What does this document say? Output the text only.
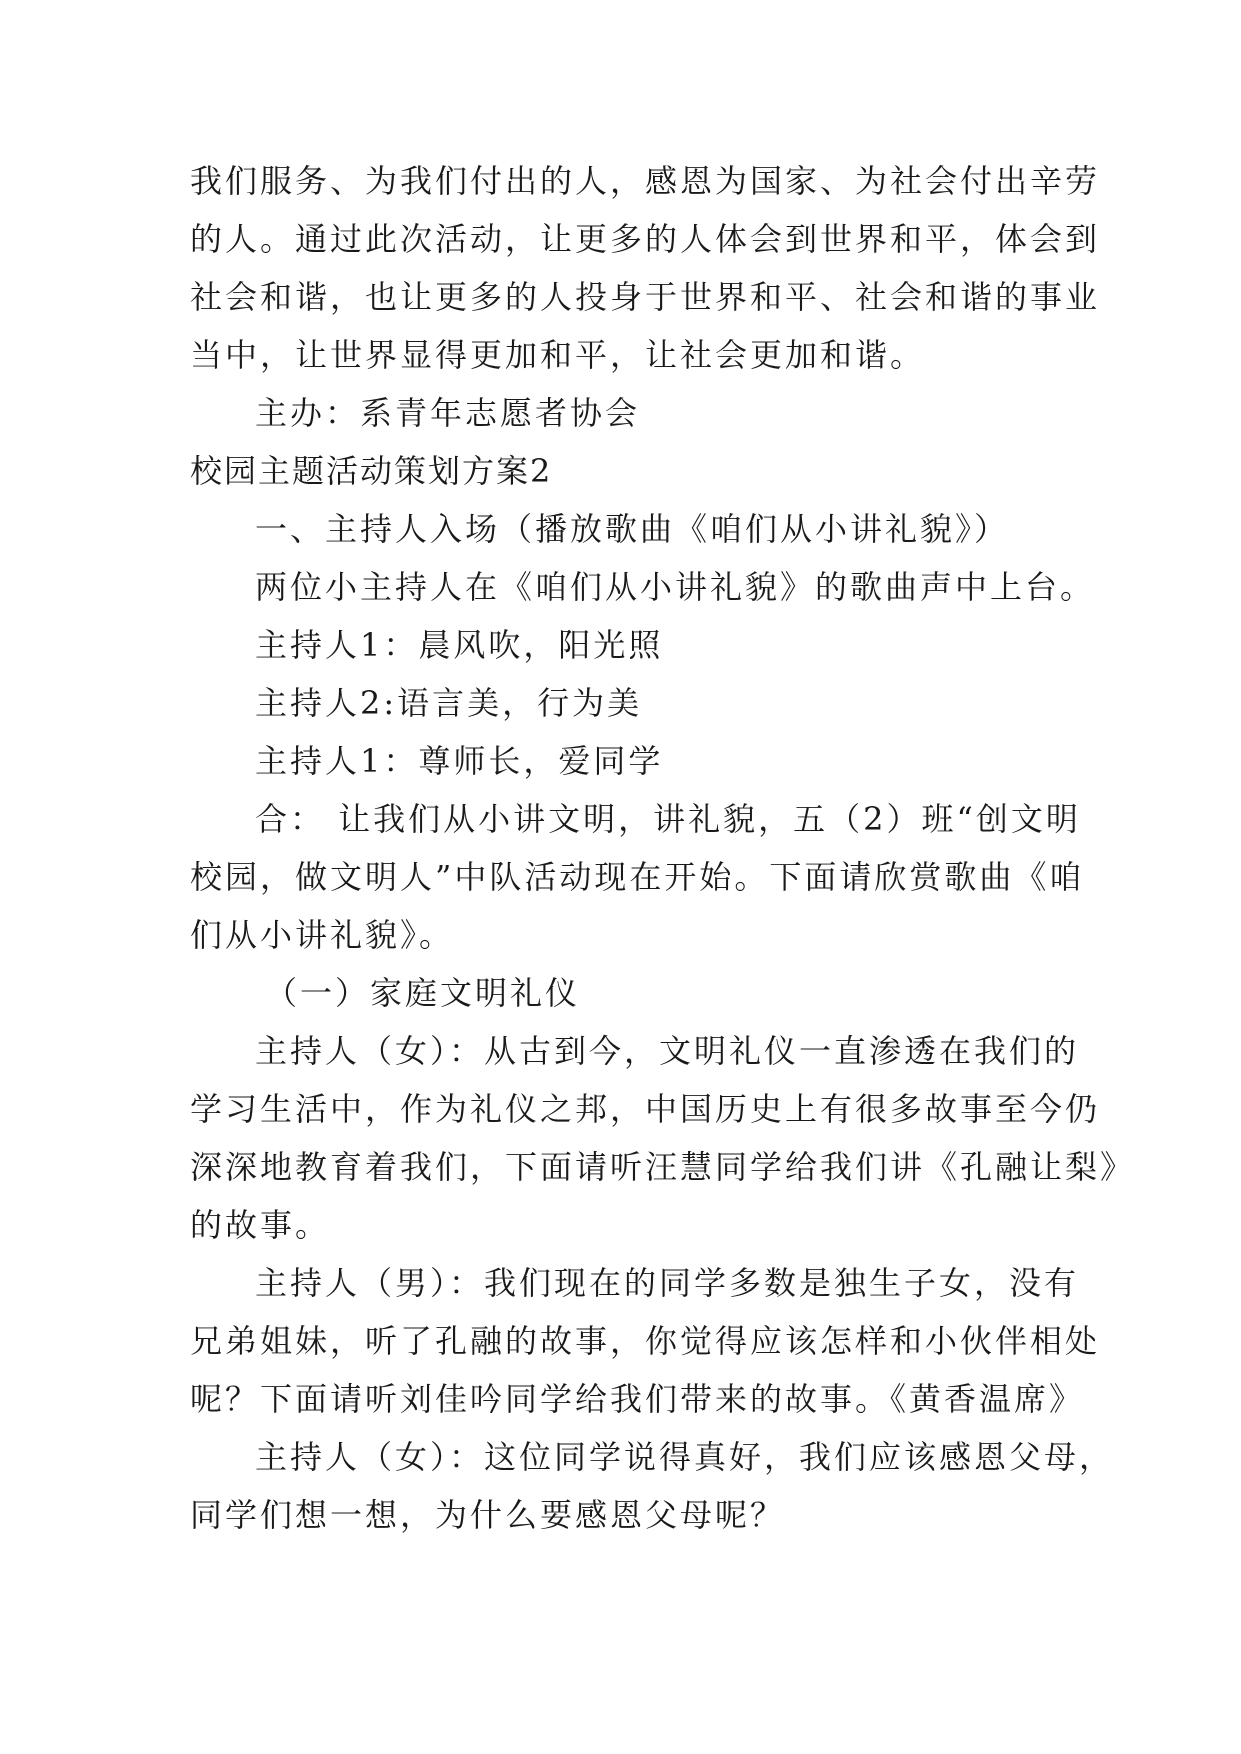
我们服务、为我们付出的人，感恩为国家、为社会付出辛劳
的人。通过此次活动，让更多的人体会到世界和平，体会到
社会和谐，也让更多的人投身于世界和平、社会和谐的事业
当中，让世界显得更加和平，让社会更加和谐。
主办：系青年志愿者协会
校园主题活动策划方案2
一、主持人入场（播放歌曲《咱们从小讲礼貌》）
两位小主持人在《咱们从小讲礼貌》的歌曲声中上台。
主持人1：晨风吹，阳光照
主持人2:语言美，行为美
主持人1：尊师长，爱同学
合： 让我们从小讲文明，讲礼貌，五（2）班“创文明
校园，做文明人”中队活动现在开始。下面请欣赏歌曲《咱
们从小讲礼貌》。
（一）家庭文明礼仪
主持人（女）：从古到今，文明礼仪一直渗透在我们的
学习生活中，作为礼仪之邦，中国历史上有很多故事至今仍
深深地教育着我们，下面请听汪慧同学给我们讲《孔融让梨》
的故事。
主持人（男）：我们现在的同学多数是独生子女，没有
兄弟姐妹，听了孔融的故事，你觉得应该怎样和小伙伴相处
呢？下面请听刘佳吟同学给我们带来的故事。《黄香温席》
主持人（女）：这位同学说得真好，我们应该感恩父母，
同学们想一想，为什么要感恩父母呢？
